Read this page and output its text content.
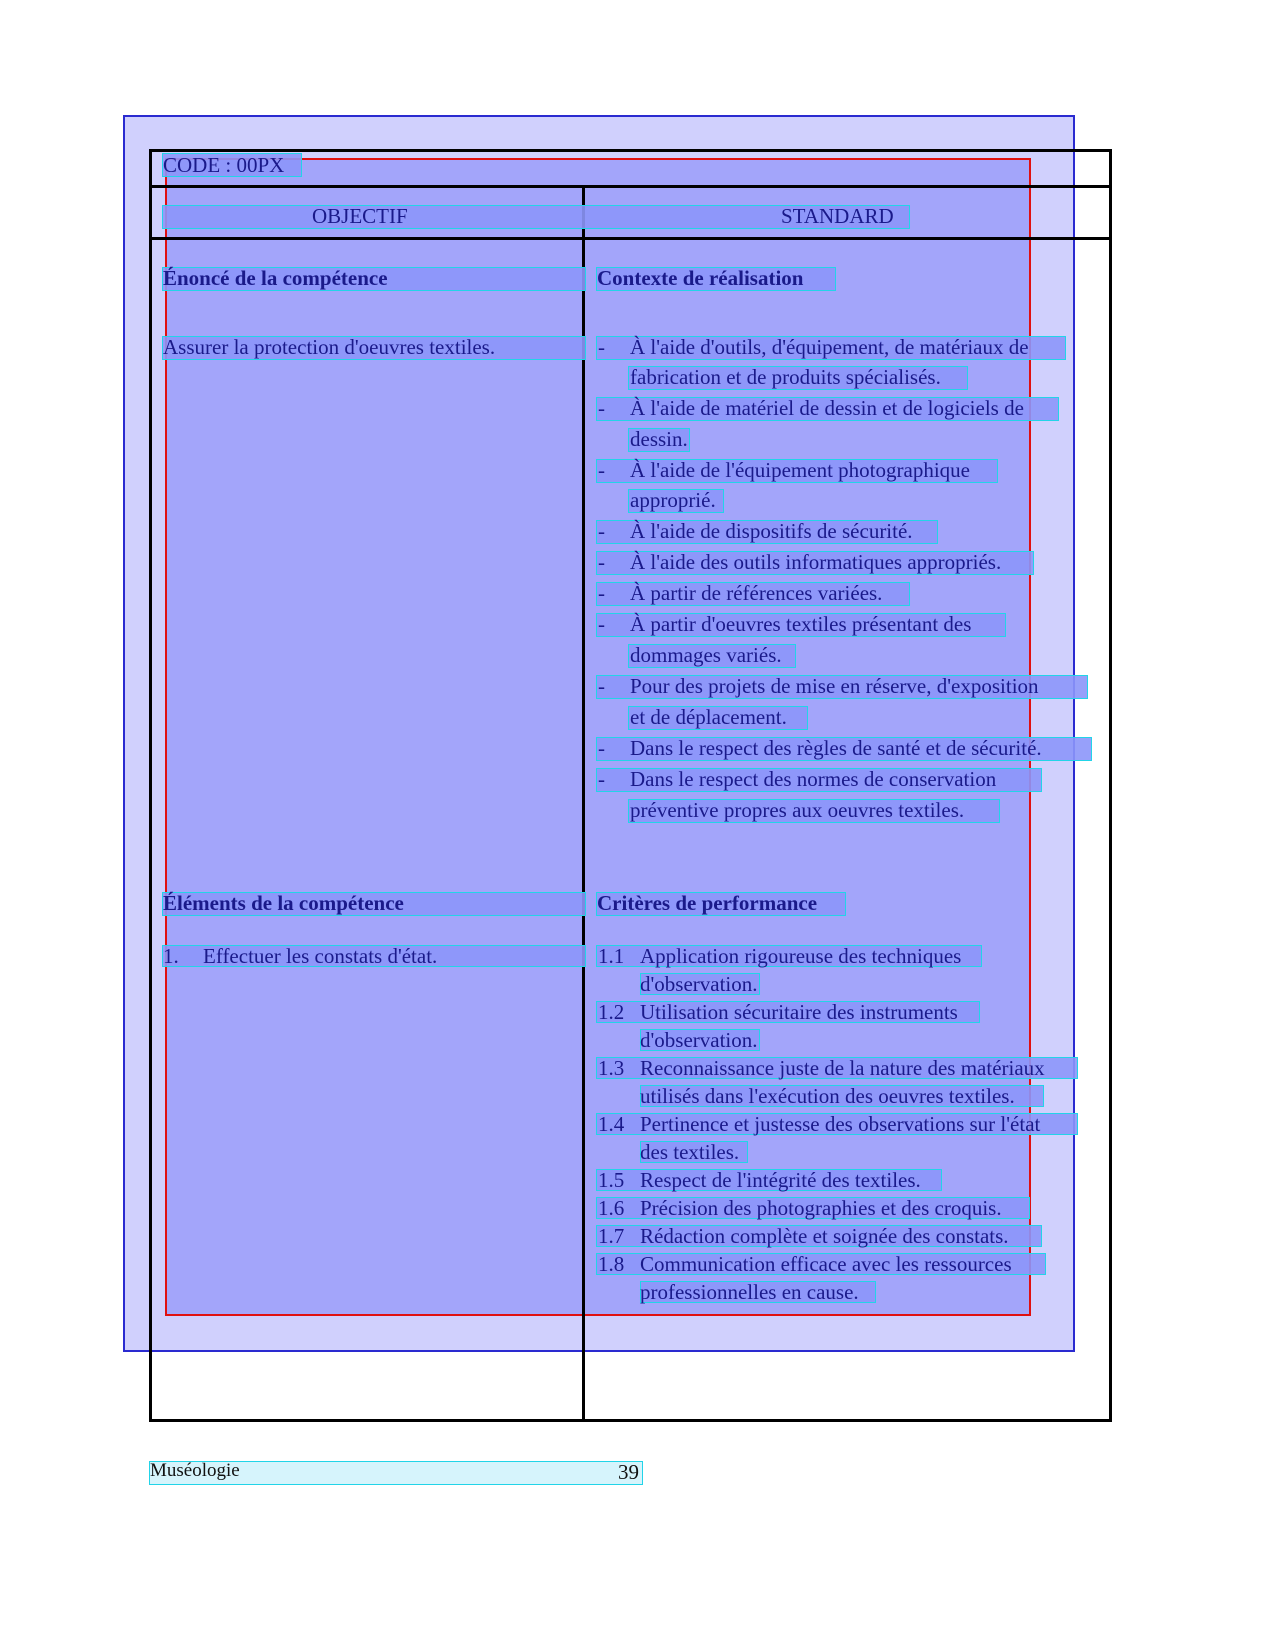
CODE : 00PX
OBJECTIF	STANDARD
Énoncé de la compétence	Contexte de réalisation
Assurer la protection d'oeuvres textiles.	- À l'aide d'outils, d'équipement, de matériaux de
fabrication et de produits spécialisés.
- À l'aide de matériel de dessin et de logiciels de
dessin.
- À l'aide de l'équipement photographique
approprié.
- À l'aide de dispositifs de sécurité.
- À l'aide des outils informatiques appropriés.
- À partir de références variées.
- À partir d'oeuvres textiles présentant des
dommages variés.
- Pour des projets de mise en réserve, d'exposition
et de déplacement.
- Dans le respect des règles de santé et de sécurité.
- Dans le respect des normes de conservation
préventive propres aux oeuvres textiles.
Éléments de la compétence	Critères de performance
1. Effectuer les constats d'état.	1.1 Application rigoureuse des techniques
d'observation.
1.2 Utilisation sécuritaire des instruments
d'observation.
1.3 Reconnaissance juste de la nature des matériaux
utilisés dans l'exécution des oeuvres textiles.
1.4 Pertinence et justesse des observations sur l'état
des textiles.
1.5 Respect de l'intégrité des textiles.
1.6 Précision des photographies et des croquis.
1.7 Rédaction complète et soignée des constats.
1.8 Communication efficace avec les ressources
professionnelles en cause.
Muséologie	39
